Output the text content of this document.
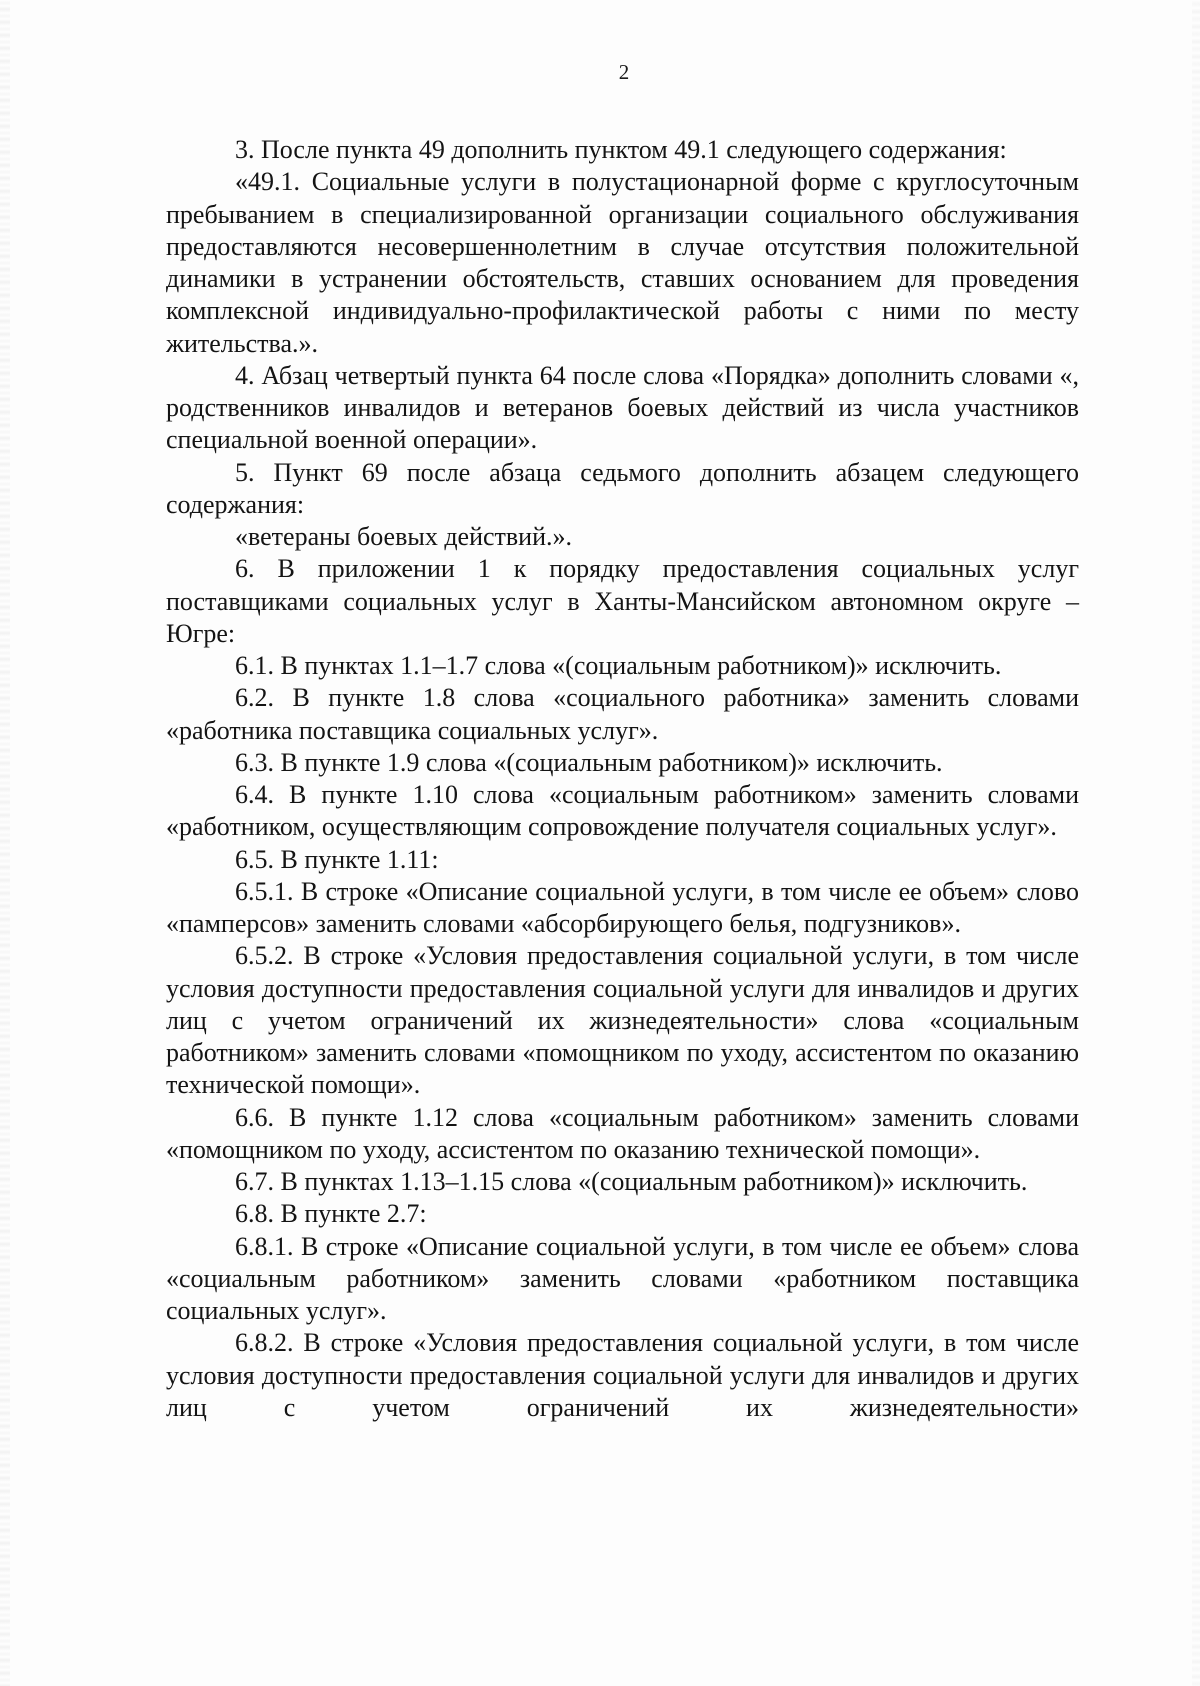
2

3. После пункта 49 дополнить пунктом 49.1 следующего содержания:

«49.1. Социальные услуги в полустационарной форме с круглосуточным пребыванием в специализированной организации социального обслуживания предоставляются несовершеннолетним в случае отсутствия положительной динамики в устранении обстоятельств, ставших основанием для проведения комплексной индивидуально-профилактической работы с ними по месту жительства.».

4. Абзац четвертый пункта 64 после слова «Порядка» дополнить словами «, родственников инвалидов и ветеранов боевых действий из числа участников специальной военной операции».

5. Пункт 69 после абзаца седьмого дополнить абзацем следующего содержания:

«ветераны боевых действий.».

6. В приложении 1 к порядку предоставления социальных услуг поставщиками социальных услуг в Ханты-Мансийском автономном округе – Югре:

6.1. В пунктах 1.1–1.7 слова «(социальным работником)» исключить.

6.2. В пункте 1.8 слова «социального работника» заменить словами «работника поставщика социальных услуг».

6.3. В пункте 1.9 слова «(социальным работником)» исключить.

6.4. В пункте 1.10 слова «социальным работником» заменить словами «работником, осуществляющим сопровождение получателя социальных услуг».

6.5. В пункте 1.11:

6.5.1. В строке «Описание социальной услуги, в том числе ее объем» слово «памперсов» заменить словами «абсорбирующего белья, подгузников».

6.5.2. В строке «Условия предоставления социальной услуги, в том числе условия доступности предоставления социальной услуги для инвалидов и других лиц с учетом ограничений их жизнедеятельности» слова «социальным работником» заменить словами «помощником по уходу, ассистентом по оказанию технической помощи».

6.6. В пункте 1.12 слова «социальным работником» заменить словами «помощником по уходу, ассистентом по оказанию технической помощи».

6.7. В пунктах 1.13–1.15 слова «(социальным работником)» исключить.

6.8. В пункте 2.7:

6.8.1. В строке «Описание социальной услуги, в том числе ее объем» слова «социальным работником» заменить словами «работником поставщика социальных услуг».

6.8.2. В строке «Условия предоставления социальной услуги, в том числе условия доступности предоставления социальной услуги для инвалидов и других лиц с учетом ограничений их жизнедеятельности»
